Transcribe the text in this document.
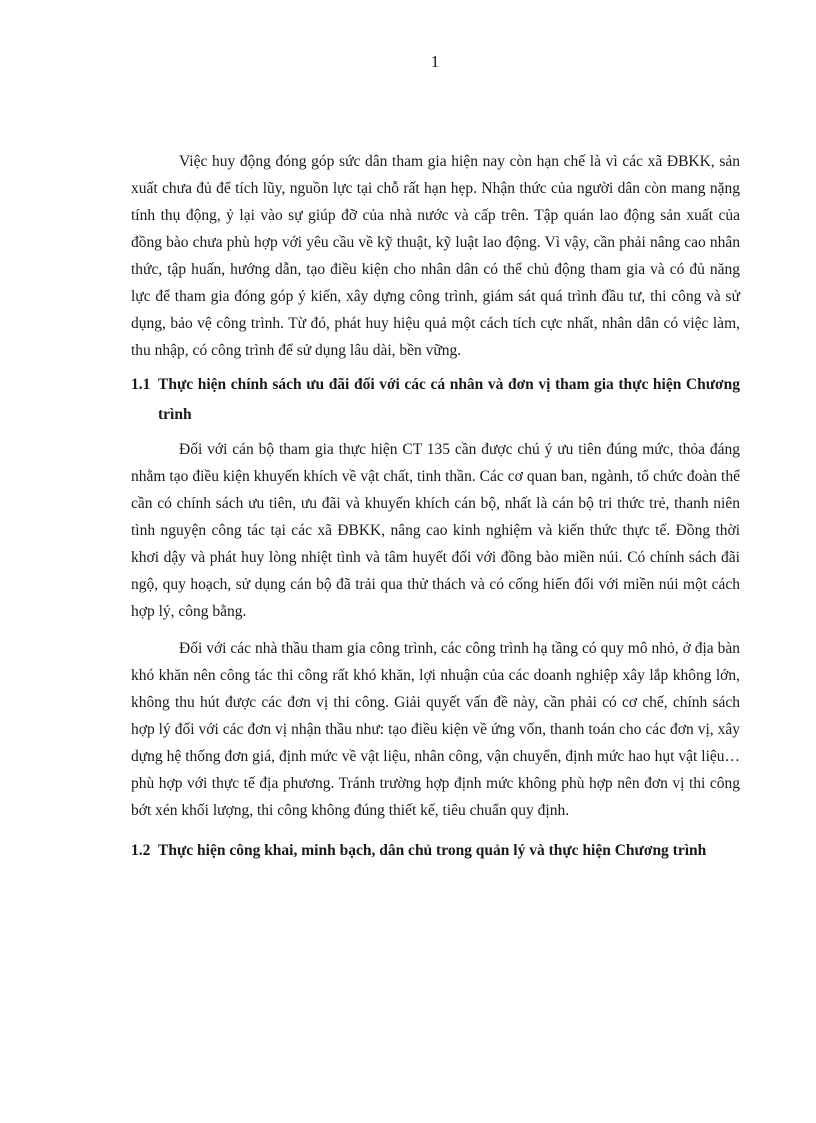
1

Việc huy động đóng góp sức dân tham gia hiện nay còn hạn chế là vì các xã ĐBKK, sản xuất chưa đủ để tích lũy, nguồn lực tại chỗ rất hạn hẹp. Nhận thức của người dân còn mang nặng tính thụ động, ỷ lại vào sự giúp đỡ của nhà nước và cấp trên. Tập quán lao động sản xuất của đồng bào chưa phù hợp với yêu cầu về kỹ thuật, kỹ luật lao động. Vì vậy, cần phải nâng cao nhân thức, tập huấn, hướng dẫn, tạo điều kiện cho nhân dân có thể chủ động tham gia và có đủ năng lực để tham gia đóng góp ý kiến, xây dựng công trình, giám sát quá trình đầu tư, thi công và sử dụng, bảo vệ công trình. Từ đó, phát huy hiệu quả một cách tích cực nhất, nhân dân có việc làm, thu nhập, có công trình để sử dụng lâu dài, bền vững.

1.1 Thực hiện chính sách ưu đãi đối với các cá nhân và đơn vị tham gia thực hiện Chương trình

Đối với cán bộ tham gia thực hiện CT 135 cần được chú ý ưu tiên đúng mức, thỏa đáng nhằm tạo điều kiện khuyến khích về vật chất, tinh thần. Các cơ quan ban, ngành, tổ chức đoàn thể cần có chính sách ưu tiên, ưu đãi và khuyến khích cán bộ, nhất là cán bộ tri thức trẻ, thanh niên tình nguyện công tác tại các xã ĐBKK, nâng cao kinh nghiệm và kiến thức thực tế. Đồng thời khơi dậy và phát huy lòng nhiệt tình và tâm huyết đối với đồng bào miền núi. Có chính sách đãi ngộ, quy hoạch, sử dụng cán bộ đã trải qua thử thách và có cống hiến đối với miền núi một cách hợp lý, công bằng.

Đối với các nhà thầu tham gia công trình, các công trình hạ tầng có quy mô nhỏ, ở địa bàn khó khăn nên công tác thi công rất khó khăn, lợi nhuận của các doanh nghiệp xây lắp không lớn, không thu hút được các đơn vị thi công. Giải quyết vấn đề này, cần phải có cơ chế, chính sách hợp lý đối với các đơn vị nhận thầu như: tạo điều kiện về ứng vốn, thanh toán cho các đơn vị, xây dựng hệ thống đơn giá, định mức về vật liệu, nhân công, vận chuyển, định mức hao hụt vật liệu… phù hợp với thực tế địa phương. Tránh trường hợp định mức không phù hợp nên đơn vị thi công bớt xén khối lượng, thi công không đúng thiết kế, tiêu chuẩn quy định.

1.2 Thực hiện công khai, minh bạch, dân chủ trong quản lý và thực hiện Chương trình
